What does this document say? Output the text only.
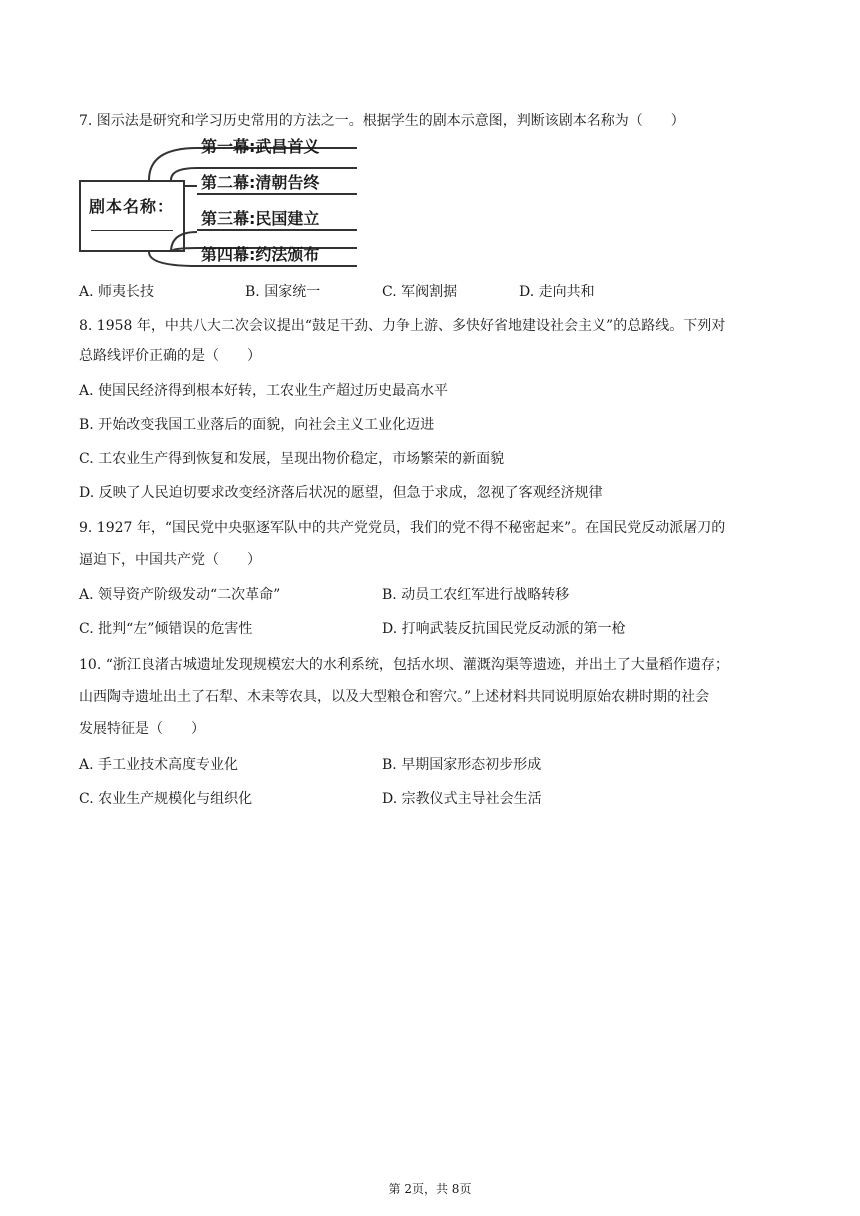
7. 图示法是研究和学习历史常用的方法之一。根据学生的剧本示意图，判断该剧本名称为（　　）
剧本名称：
第一幕:武昌首义
第二幕:清朝告终
第三幕:民国建立
第四幕:约法颁布
A. 师夷长技	B. 国家统一	C. 军阀割据	D. 走向共和
8. 1958 年，中共八大二次会议提出“鼓足干劲、力争上游、多快好省地建设社会主义”的总路线。下列对
总路线评价正确的是（　　）
A. 使国民经济得到根本好转，工农业生产超过历史最高水平
B. 开始改变我国工业落后的面貌，向社会主义工业化迈进
C. 工农业生产得到恢复和发展，呈现出物价稳定，市场繁荣的新面貌
D. 反映了人民迫切要求改变经济落后状况的愿望，但急于求成，忽视了客观经济规律
9. 1927 年，“国民党中央驱逐军队中的共产党党员，我们的党不得不秘密起来”。在国民党反动派屠刀的
逼迫下，中国共产党（　　）
A. 领导资产阶级发动“二次革命”	B. 动员工农红军进行战略转移
C. 批判“左”倾错误的危害性	D. 打响武装反抗国民党反动派的第一枪
10. “浙江良渚古城遗址发现规模宏大的水利系统，包括水坝、灌溉沟渠等遗迹，并出土了大量稻作遗存；
山西陶寺遗址出土了石犁、木耒等农具，以及大型粮仓和窖穴。”上述材料共同说明原始农耕时期的社会
发展特征是（　　）
A. 手工业技术高度专业化	B. 早期国家形态初步形成
C. 农业生产规模化与组织化	D. 宗教仪式主导社会生活
第 2页，共 8页
